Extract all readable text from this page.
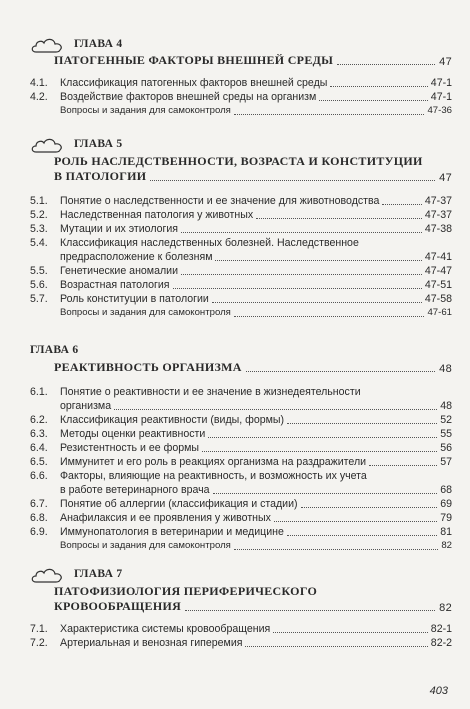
ГЛАВА 4
ПАТОГЕННЫЕ ФАКТОРЫ ВНЕШНЕЙ СРЕДЫ	47
4.1.	Классификация патогенных факторов внешней среды	47-1
4.2.	Воздействие факторов внешней среды на организм	47-1
Вопросы и задания для самоконтроля	47-36
ГЛАВА 5
РОЛЬ НАСЛЕДСТВЕННОСТИ, ВОЗРАСТА И КОНСТИТУЦИИ
В ПАТОЛОГИИ	47
5.1.	Понятие о наследственности и ее значение для животноводства	47-37
5.2.	Наследственная патология у животных	47-37
5.3.	Мутации и их этиология	47-38
5.4.	Классификация наследственных болезней. Наследственное
предрасположение к болезням	47-41
5.5.	Генетические аномалии	47-47
5.6.	Возрастная патология	47-51
5.7.	Роль конституции в патологии	47-58
Вопросы и задания для самоконтроля	47-61
ГЛАВА 6
РЕАКТИВНОСТЬ ОРГАНИЗМА	48
6.1.	Понятие о реактивности и ее значение в жизнедеятельности
организма	48
6.2.	Классификация реактивности (виды, формы)	52
6.3.	Методы оценки реактивности	55
6.4.	Резистентность и ее формы	56
6.5.	Иммунитет и его роль в реакциях организма на раздражители	57
6.6.	Факторы, влияющие на реактивность, и возможность их учета
в работе ветеринарного врача	68
6.7.	Понятие об аллергии (классификация и стадии)	69
6.8.	Анафилаксия и ее проявления у животных	79
6.9.	Иммунопатология в ветеринарии и медицине	81
Вопросы и задания для самоконтроля	82
ГЛАВА 7
ПАТОФИЗИОЛОГИЯ ПЕРИФЕРИЧЕСКОГО
КРОВООБРАЩЕНИЯ	82
7.1.	Характеристика системы кровообращения	82-1
7.2.	Артериальная и венозная гиперемия	82-2
403
